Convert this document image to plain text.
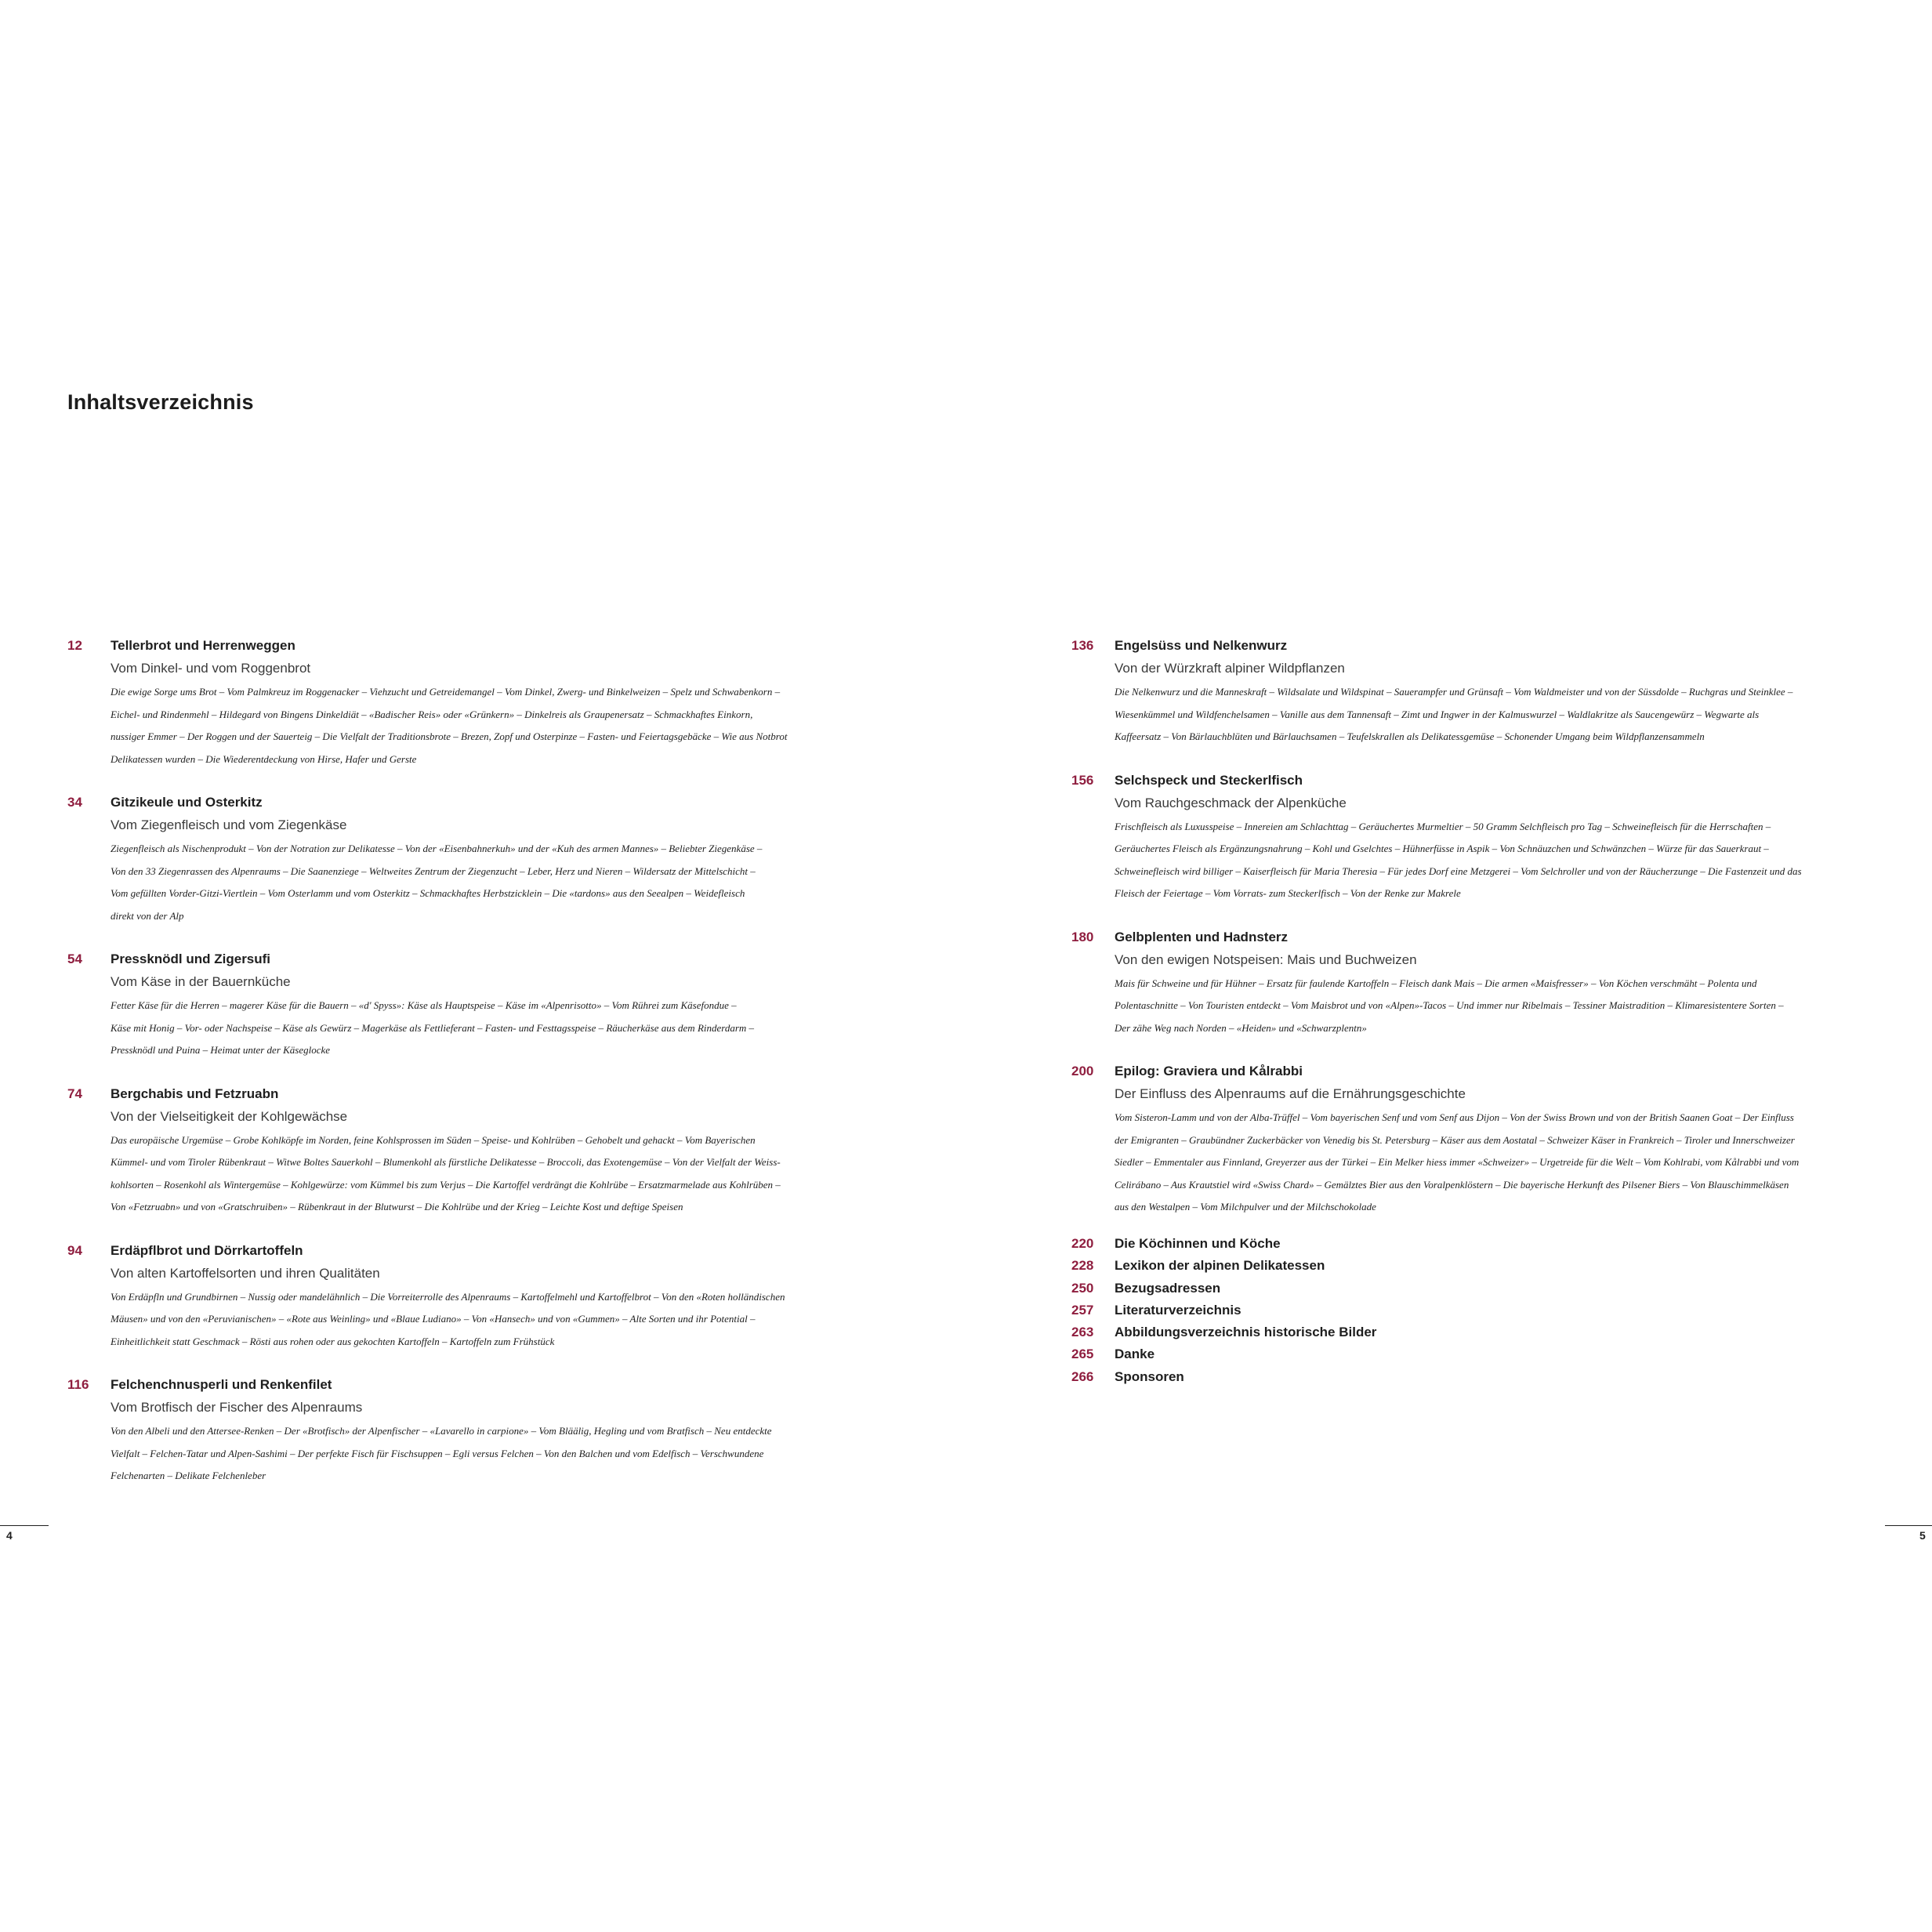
Inhaltsverzeichnis
12 Tellerbrot und Herrenweggen
Vom Dinkel- und vom Roggenbrot
Die ewige Sorge ums Brot – Vom Palmkreuz im Roggenacker – Viehzucht und Getreidemangel – Vom Dinkel, Zwerg- und Binkelweizen – Spelz und Schwabenkorn –
Eichel- und Rindenmehl – Hildegard von Bingens Dinkeldiät – «Badischer Reis» oder «Grünkern» – Dinkelreis als Graupenersatz – Schmackhaftes Einkorn,
nussiger Emmer – Der Roggen und der Sauerteig – Die Vielfalt der Traditionsbrote – Brezen, Zopf und Osterpinze – Fasten- und Feiertagsgebäcke – Wie aus Notbrot
Delikatessen wurden – Die Wiederentdeckung von Hirse, Hafer und Gerste
34 Gitzikeule und Osterkitz
Vom Ziegenfleisch und vom Ziegenkäse
Ziegenfleisch als Nischenprodukt – Von der Notration zur Delikatesse – Von der «Eisenbahnerkuh» und der «Kuh des armen Mannes» – Beliebter Ziegenkäse –
Von den 33 Ziegenrassen des Alpenraums – Die Saanenziege – Weltweites Zentrum der Ziegenzucht – Leber, Herz und Nieren – Wildersatz der Mittelschicht –
Vom gefüllten Vorder-Gitzi-Viertlein – Vom Osterlamm und vom Osterkitz – Schmackhaftes Herbstzicklein – Die «tardons» aus den Seealpen – Weidefleisch
direkt von der Alp
54 Pressknödl und Zigersufi
Vom Käse in der Bauernküche
Fetter Käse für die Herren – magerer Käse für die Bauern – «d' Spyss»: Käse als Hauptspeise – Käse im «Alpenrisotto» – Vom Rührei zum Käsefondue –
Käse mit Honig – Vor- oder Nachspeise – Käse als Gewürz – Magerkäse als Fettlieferant – Fasten- und Festtagsspeise – Räucherkäse aus dem Rinderdarm –
Pressknödl und Puina – Heimat unter der Käseglocke
74 Bergchabis und Fetzruabn
Von der Vielseitigkeit der Kohlgewächse
Das europäische Urgemüse – Grobe Kohlköpfe im Norden, feine Kohlsprossen im Süden – Speise- und Kohlrüben – Gehobelt und gehackt – Vom Bayerischen
Kümmel- und vom Tiroler Rübenkraut – Witwe Boltes Sauerkohl – Blumenkohl als fürstliche Delikatesse – Broccoli, das Exotengemüse – Von der Vielfalt der Weiss-
kohlsorten – Rosenkohl als Wintergemüse – Kohlgewürze: vom Kümmel bis zum Verjus – Die Kartoffel verdrängt die Kohlrübe – Ersatzmarmelade aus Kohlrüben –
Von «Fetzruabn» und von «Gratschruiben» – Rübenkraut in der Blutwurst – Die Kohlrübe und der Krieg – Leichte Kost und deftige Speisen
94 Erdäpflbrot und Dörrkartoffeln
Von alten Kartoffelsorten und ihren Qualitäten
Von Erdäpfln und Grundbirnen – Nussig oder mandelähnlich – Die Vorreiterrolle des Alpenraums – Kartoffelmehl und Kartoffelbrot – Von den «Roten holländischen
Mäusen» und von den «Peruvianischen» – «Rote aus Weinling» und «Blaue Ludiano» – Von «Hansech» und von «Gummen» – Alte Sorten und ihr Potential –
Einheitlichkeit statt Geschmack – Rösti aus rohen oder aus gekochten Kartoffeln – Kartoffeln zum Frühstück
116 Felchenchnusperli und Renkenfilet
Vom Brotfisch der Fischer des Alpenraums
Von den Albeli und den Attersee-Renken – Der «Brotfisch» der Alpenfischer – «Lavarello in carpione» – Vom Bläälig, Hegling und vom Bratfisch – Neu entdeckte
Vielfalt – Felchen-Tatar und Alpen-Sashimi – Der perfekte Fisch für Fischsuppen – Egli versus Felchen – Von den Balchen und vom Edelfisch – Verschwundene
Felchenarten – Delikate Felchenleber
136 Engelsüss und Nelkenwurz
Von der Würzkraft alpiner Wildpflanzen
Die Nelkenwurz und die Manneskraft – Wildsalate und Wildspinat – Sauerampfer und Grünsaft – Vom Waldmeister und von der Süssdolde – Ruchgras und Steinklee –
Wiesenkümmel und Wildfenchelsamen – Vanille aus dem Tannensaft – Zimt und Ingwer in der Kalmuswurzel – Waldlakritze als Saucengewürz – Wegwarte als
Kaffeersatz – Von Bärlauchblüten und Bärlauchsamen – Teufelskrallen als Delikatessgemüse – Schonender Umgang beim Wildpflanzensammeln
156 Selchspeck und Steckerlfisch
Vom Rauchgeschmack der Alpenküche
Frischfleisch als Luxusspeise – Innereien am Schlachttag – Geräuchertes Murmeltier – 50 Gramm Selchfleisch pro Tag – Schweinefleisch für die Herrschaften –
Geräuchertes Fleisch als Ergänzungsnahrung – Kohl und Gselchtes – Hühnerfüsse in Aspik – Von Schnäuzchen und Schwänzchen – Würze für das Sauerkraut –
Schweinefleisch wird billiger – Kaiserfleisch für Maria Theresia – Für jedes Dorf eine Metzgerei – Vom Selchroller und von der Räucherzunge – Die Fastenzeit und das
Fleisch der Feiertage – Vom Vorrats- zum Steckerlfisch – Von der Renke zur Makrele
180 Gelbplenten und Hadnsterz
Von den ewigen Notspeisen: Mais und Buchweizen
Mais für Schweine und für Hühner – Ersatz für faulende Kartoffeln – Fleisch dank Mais – Die armen «Maisfresser» – Von Köchen verschmäht – Polenta und
Polentaschnitte – Von Touristen entdeckt – Vom Maisbrot und von «Alpen»-Tacos – Und immer nur Ribelmais – Tessiner Maistradition – Klimaresistentere Sorten –
Der zähe Weg nach Norden – «Heiden» und «Schwarzplentn»
200 Epilog: Graviera und Kålrabbi
Der Einfluss des Alpenraums auf die Ernährungsgeschichte
Vom Sisteron-Lamm und von der Alba-Trüffel – Vom bayerischen Senf und vom Senf aus Dijon – Von der Swiss Brown und von der British Saanen Goat – Der Einfluss
der Emigranten – Graubündner Zuckerbäcker von Venedig bis St. Petersburg – Käser aus dem Aostatal – Schweizer Käser in Frankreich – Tiroler und Innerschweizer
Siedler – Emmentaler aus Finnland, Greyerzer aus der Türkei – Ein Melker hiess immer «Schweizer» – Urgetreide für die Welt – Vom Kohlrabi, vom Kålrabbi und vom
Celirábano – Aus Krautstiel wird «Swiss Chard» – Gemälztes Bier aus den Voralpenklöstern – Die bayerische Herkunft des Pilsener Biers – Von Blauschimmelkäsen
aus den Westalpen – Vom Milchpulver und der Milchschokolade
220 Die Köchinnen und Köche
228 Lexikon der alpinen Delikatessen
250 Bezugsadressen
257 Literaturverzeichnis
263 Abbildungsverzeichnis historische Bilder
265 Danke
266 Sponsoren
4	5
